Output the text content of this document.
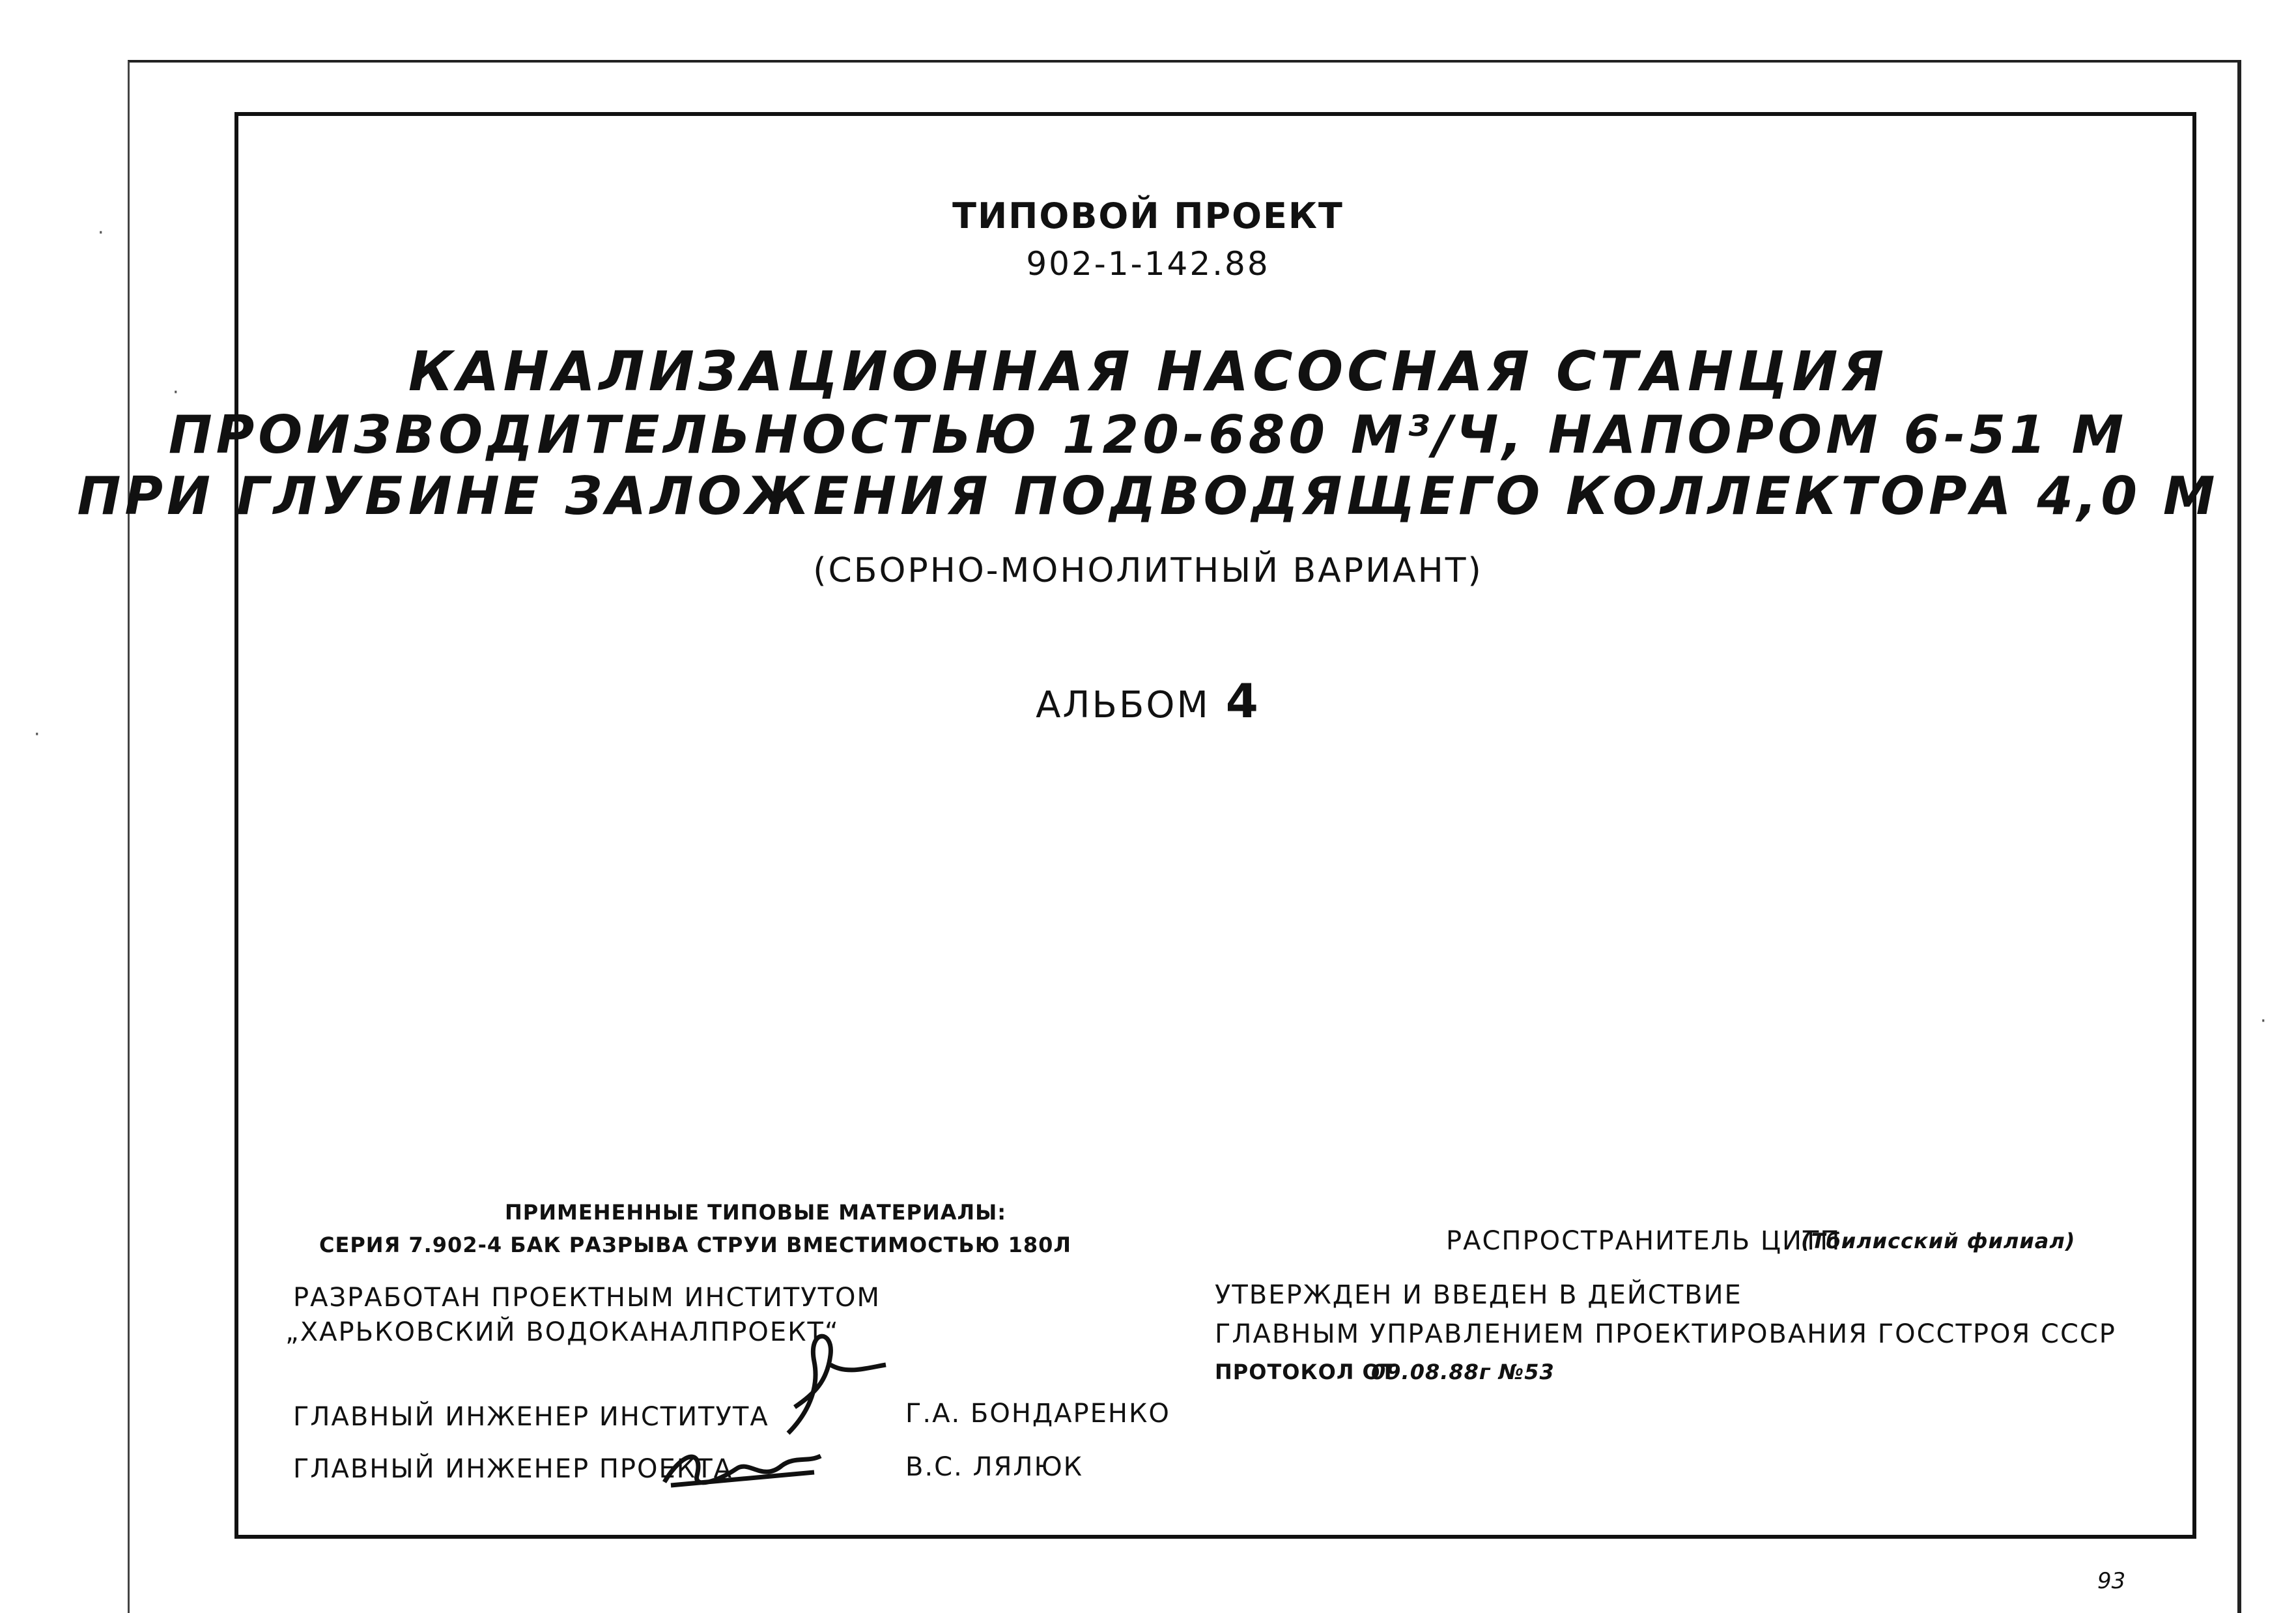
ТИПОВОЙ ПРОЕКТ
902-1-142.88
КАНАЛИЗАЦИОННАЯ НАСОСНАЯ СТАНЦИЯ
ПРОИЗВОДИТЕЛЬНОСТЬЮ 120-680 М³/Ч, НАПОРОМ 6-51 М
ПРИ ГЛУБИНЕ ЗАЛОЖЕНИЯ ПОДВОДЯЩЕГО КОЛЛЕКТОРА 4,0 М
(СБОРНО-МОНОЛИТНЫЙ ВАРИАНТ)
АЛЬБОМ 4
ПРИМЕНЕННЫЕ ТИПОВЫЕ МАТЕРИАЛЫ:
СЕРИЯ 7.902-4 БАК РАЗРЫВА СТРУИ ВМЕСТИМОСТЬЮ 180Л
РАЗРАБОТАН ПРОЕКТНЫМ ИНСТИТУТОМ
„ХАРЬКОВСКИЙ ВОДОКАНАЛПРОЕКТ“
ГЛАВНЫЙ ИНЖЕНЕР ИНСТИТУТА	Г.А. БОНДАРЕНКО
ГЛАВНЫЙ ИНЖЕНЕР ПРОЕКТА	В.С. ЛЯЛЮК
РАСПРОСТРАНИТЕЛЬ ЦИТП
(Тбилисский филиал)
УТВЕРЖДЕН И ВВЕДЕН В ДЕЙСТВИЕ
ГЛАВНЫМ УПРАВЛЕНИЕМ ПРОЕКТИРОВАНИЯ ГОССТРОЯ СССР
ПРОТОКОЛ ОТ
09.08.88г №53
93
·
·
·
·
